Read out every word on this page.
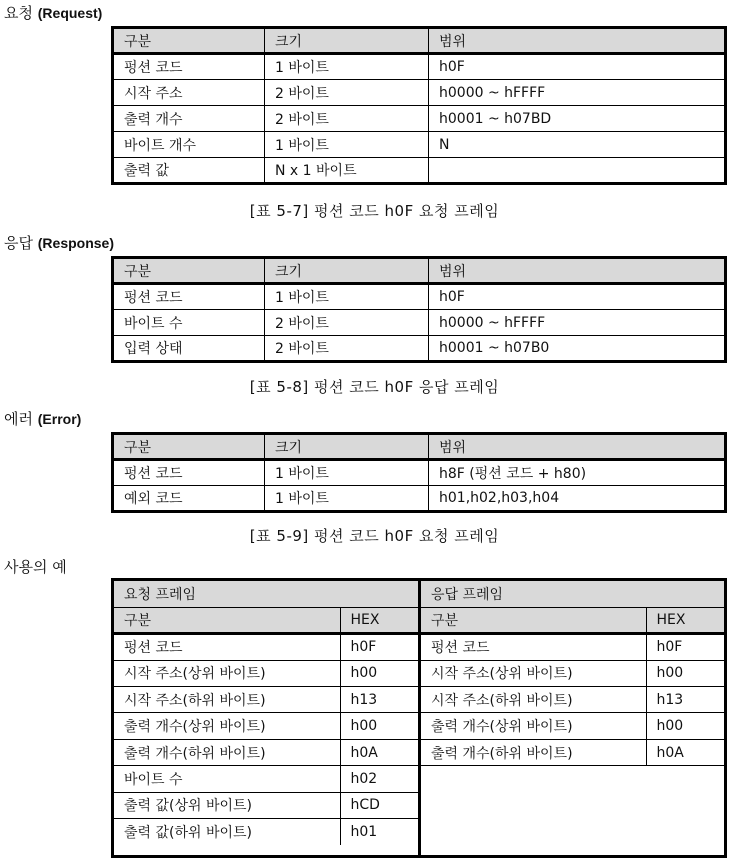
요청 (Request)
구분	크기	범위
펑션 코드	1 바이트	h0F
시작 주소	2 바이트	h0000 ~ hFFFF
출력 개수	2 바이트	h0001 ~ h07BD
바이트 개수	1 바이트	N
출력 값	N x 1 바이트	
[표 5-7] 펑션 코드 h0F 요청 프레임
응답 (Response)
구분	크기	범위
펑션 코드	1 바이트	h0F
바이트 수	2 바이트	h0000 ~ hFFFF
입력 상태	2 바이트	h0001 ~ h07B0
[표 5-8] 펑션 코드 h0F 응답 프레임
에러 (Error)
구분	크기	범위
펑션 코드	1 바이트	h8F (펑션 코드 + h80)
예외 코드	1 바이트	h01,h02,h03,h04
[표 5-9] 펑션 코드 h0F 요청 프레임
사용의 예
요청 프레임	
구분	HEX
펑션 코드	h0F
시작 주소(상위 바이트)	h00
시작 주소(하위 바이트)	h13
출력 개수(상위 바이트)	h00
출력 개수(하위 바이트)	h0A
바이트 수	h02
출력 값(상위 바이트)	hCD
출력 값(하위 바이트)	h01
응답 프레임	
구분	HEX
펑션 코드	h0F
시작 주소(상위 바이트)	h00
시작 주소(하위 바이트)	h13
출력 개수(상위 바이트)	h00
출력 개수(하위 바이트)	h0A
